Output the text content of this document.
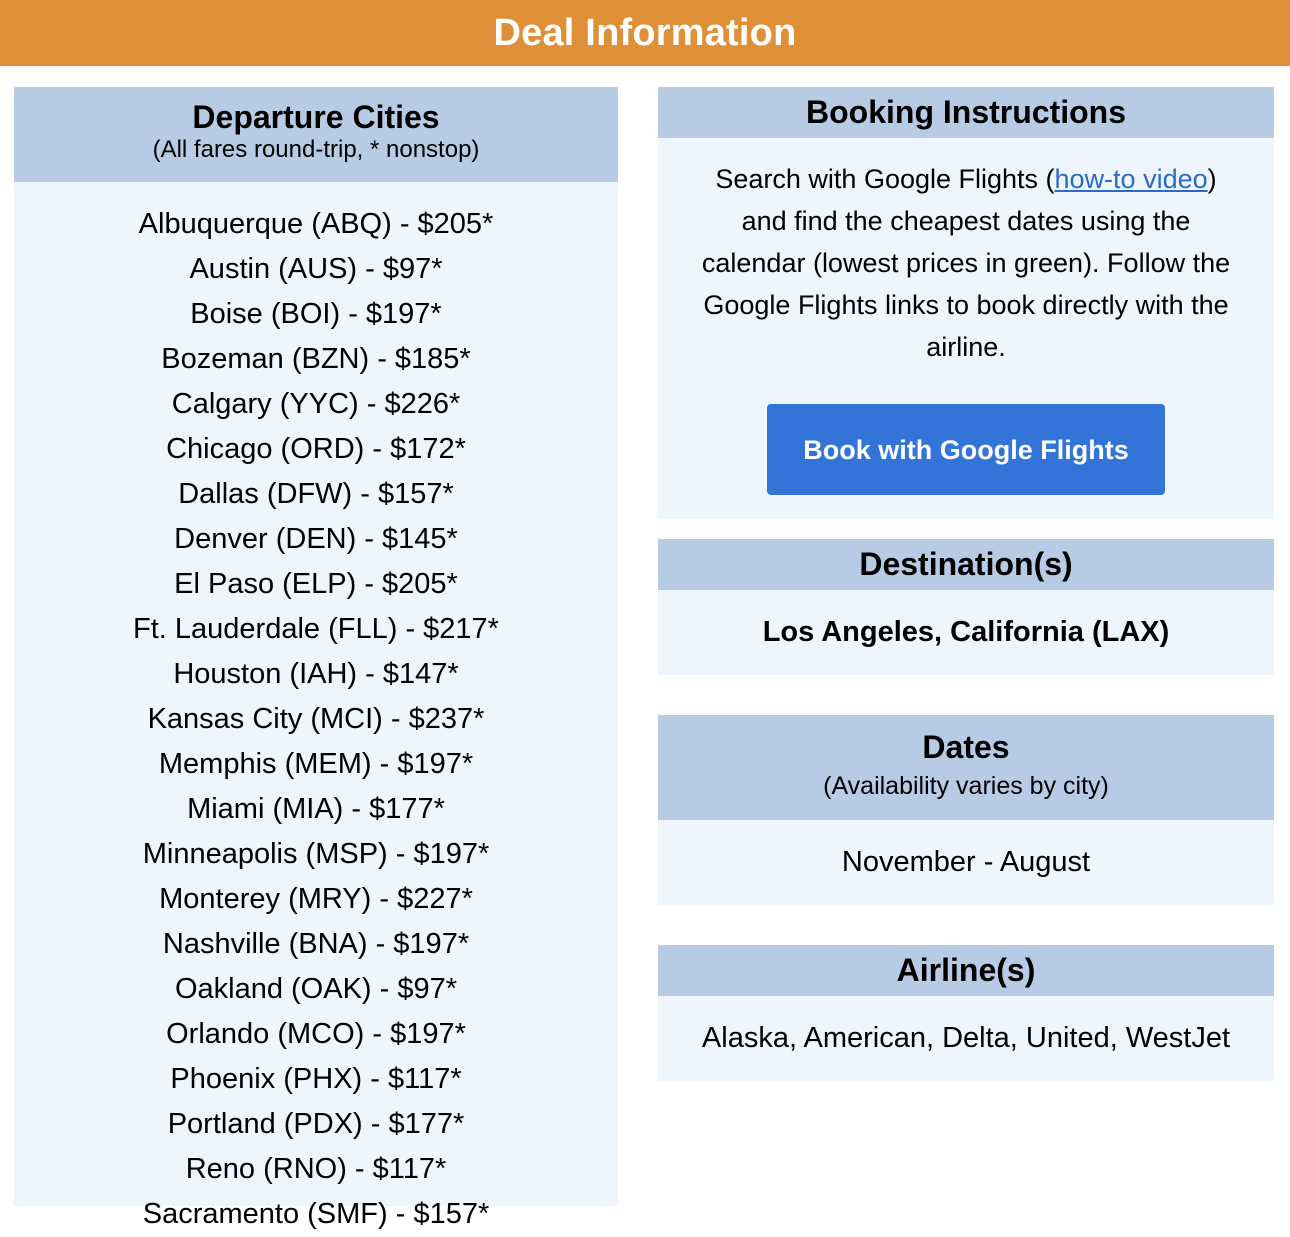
Deal Information
Departure Cities
(All fares round-trip, * nonstop)
Albuquerque (ABQ) - $205*
Austin (AUS) - $97*
Boise (BOI) - $197*
Bozeman (BZN) - $185*
Calgary (YYC) - $226*
Chicago (ORD) - $172*
Dallas (DFW) - $157*
Denver (DEN) - $145*
El Paso (ELP) - $205*
Ft. Lauderdale (FLL) - $217*
Houston (IAH) - $147*
Kansas City (MCI) - $237*
Memphis (MEM) - $197*
Miami (MIA) - $177*
Minneapolis (MSP) - $197*
Monterey (MRY) - $227*
Nashville (BNA) - $197*
Oakland (OAK) - $97*
Orlando (MCO) - $197*
Phoenix (PHX) - $117*
Portland (PDX) - $177*
Reno (RNO) - $117*
Sacramento (SMF) - $157*
Booking Instructions

Search with Google Flights (how-to video) and find the cheapest dates using the calendar (lowest prices in green). Follow the Google Flights links to book directly with the airline.

Book with Google Flights
Destination(s)
Los Angeles, California (LAX)
Dates
(Availability varies by city)
November - August
Airline(s)
Alaska, American, Delta, United, WestJet
